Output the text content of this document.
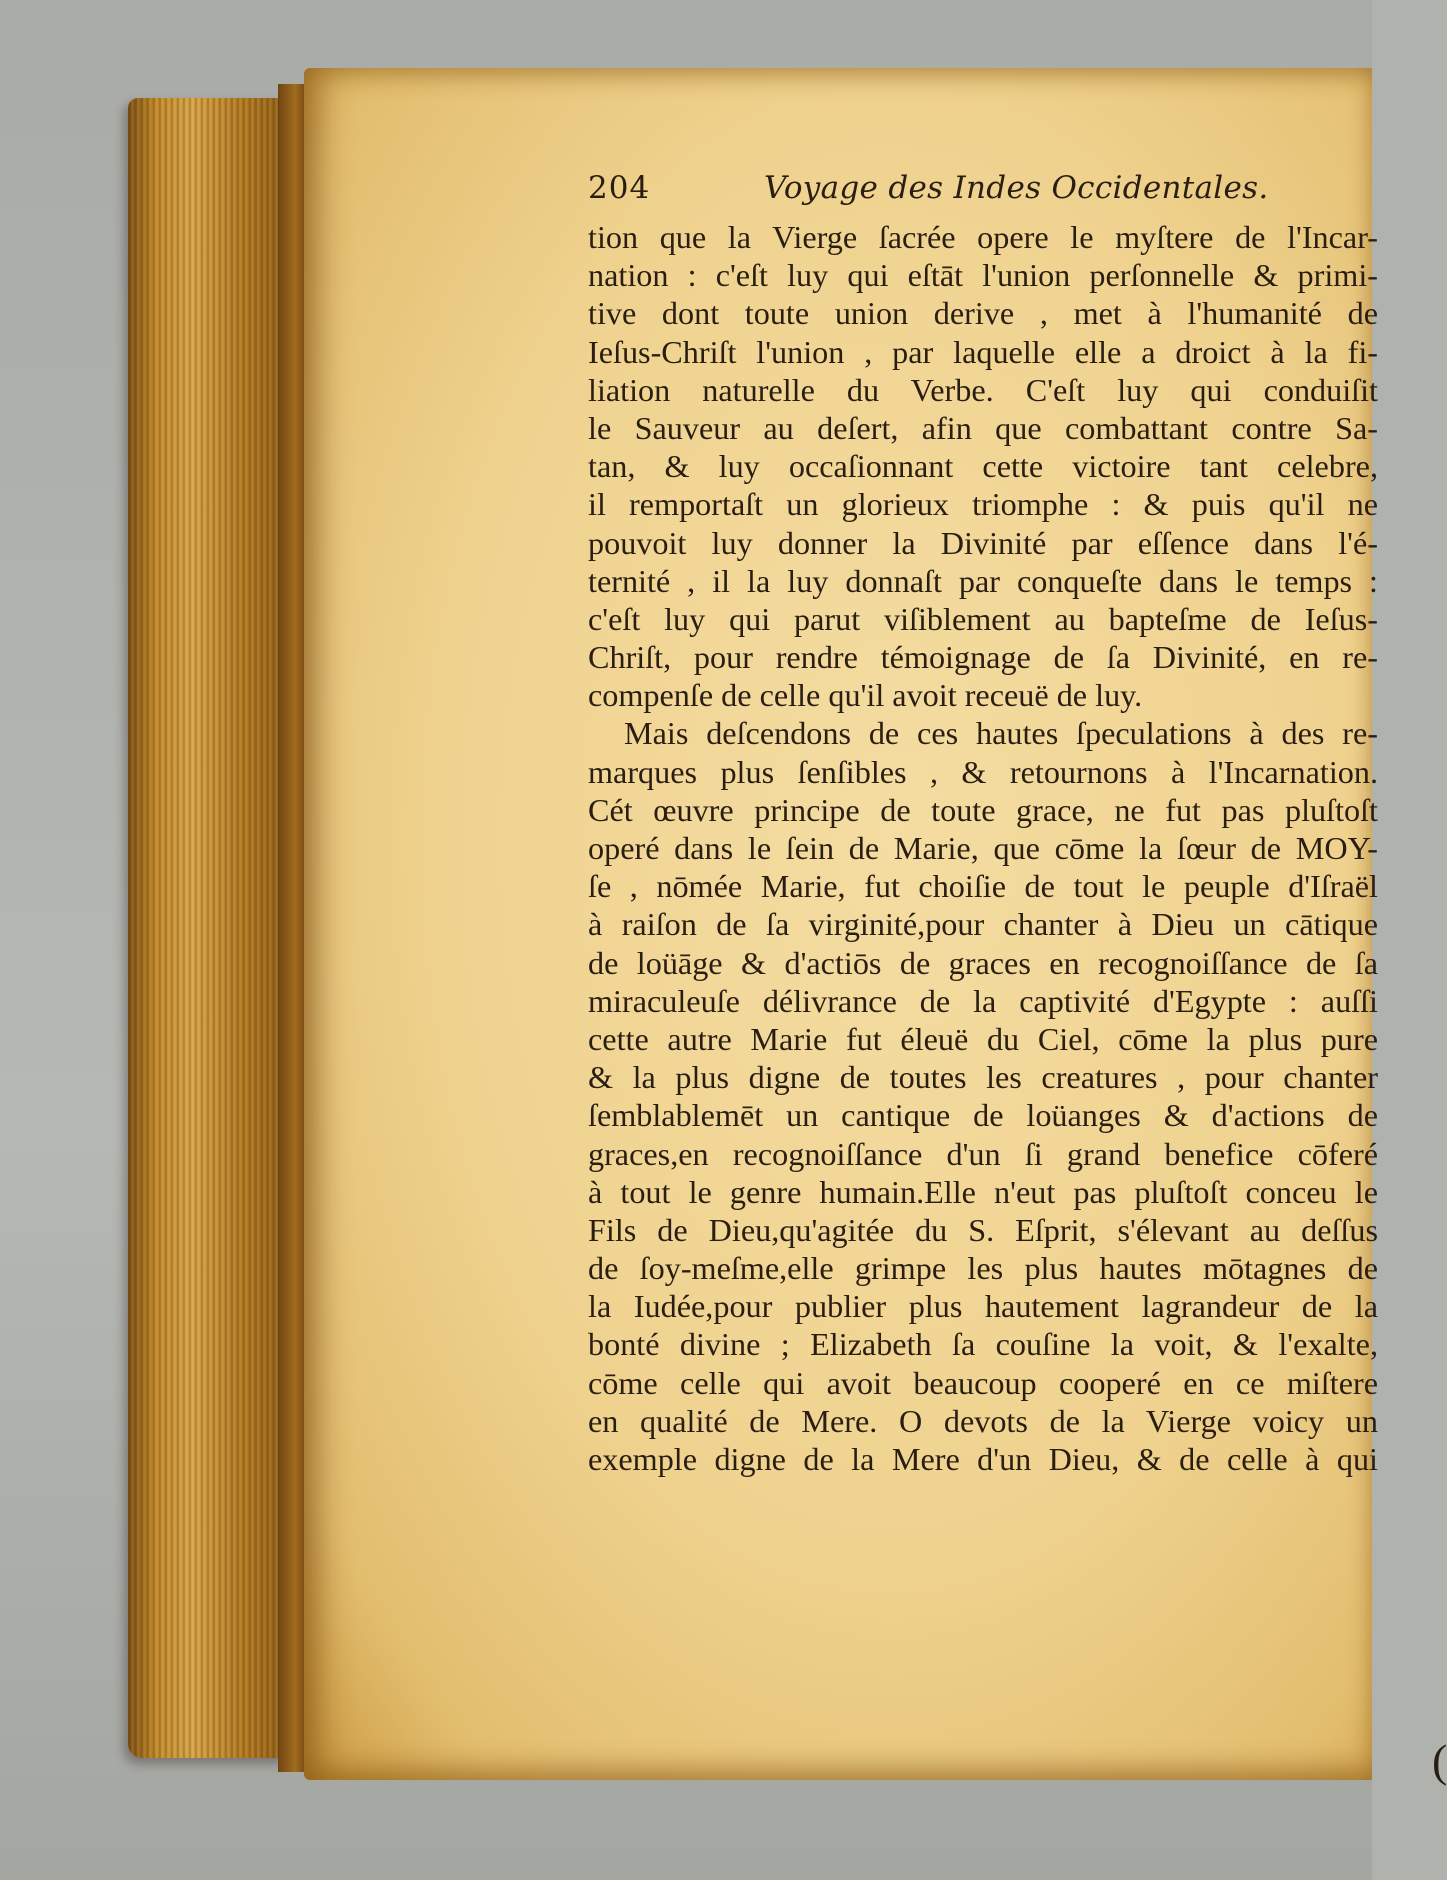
204	Voyage des Indes Occidentales.
tion que la Vierge ſacrée opere le myſtere de l'Incar-
nation : c'eſt luy qui eſtāt l'union perſonnelle & primi-
tive dont toute union derive , met à l'humanité de
Ieſus-Chriſt l'union , par laquelle elle a droict à la fi-
liation naturelle du Verbe. C'eſt luy qui conduiſit
le Sauveur au deſert, afin que combattant contre Sa-
tan, & luy occaſionnant cette victoire tant celebre,
il remportaſt un glorieux triomphe : & puis qu'il ne
pouvoit luy donner la Divinité par eſſence dans l'é-
ternité , il la luy donnaſt par conqueſte dans le temps :
c'eſt luy qui parut viſiblement au bapteſme de Ieſus-
Chriſt, pour rendre témoignage de ſa Divinité, en re-
compenſe de celle qu'il avoit receuë de luy.
Mais deſcendons de ces hautes ſpeculations à des re-
marques plus ſenſibles , & retournons à l'Incarnation.
Cét œuvre principe de toute grace, ne fut pas pluſtoſt
operé dans le ſein de Marie, que cōme la ſœur de MOY-
ſe , nōmée Marie, fut choiſie de tout le peuple d'Iſraël
à raiſon de ſa virginité,pour chanter à Dieu un cātique
de loüāge & d'actiōs de graces en recognoiſſance de ſa
miraculeuſe délivrance de la captivité d'Egypte : auſſi
cette autre Marie fut éleuë du Ciel, cōme la plus pure
& la plus digne de toutes les creatures , pour chanter
ſemblablemēt un cantique de loüanges & d'actions de
graces,en recognoiſſance d'un ſi grand benefice cōferé
à tout le genre humain.Elle n'eut pas pluſtoſt conceu le
Fils de Dieu,qu'agitée du S. Eſprit, s'élevant au deſſus
de ſoy-meſme,elle grimpe les plus hautes mōtagnes de
la Iudée,pour publier plus hautement lagrandeur de la
bonté divine ; Elizabeth ſa couſine la voit, & l'exalte,
cōme celle qui avoit beaucoup cooperé en ce miſtere
en qualité de Mere. O devots de la Vierge voicy un
exemple digne de la Mere d'un Dieu, & de celle à qui
(
